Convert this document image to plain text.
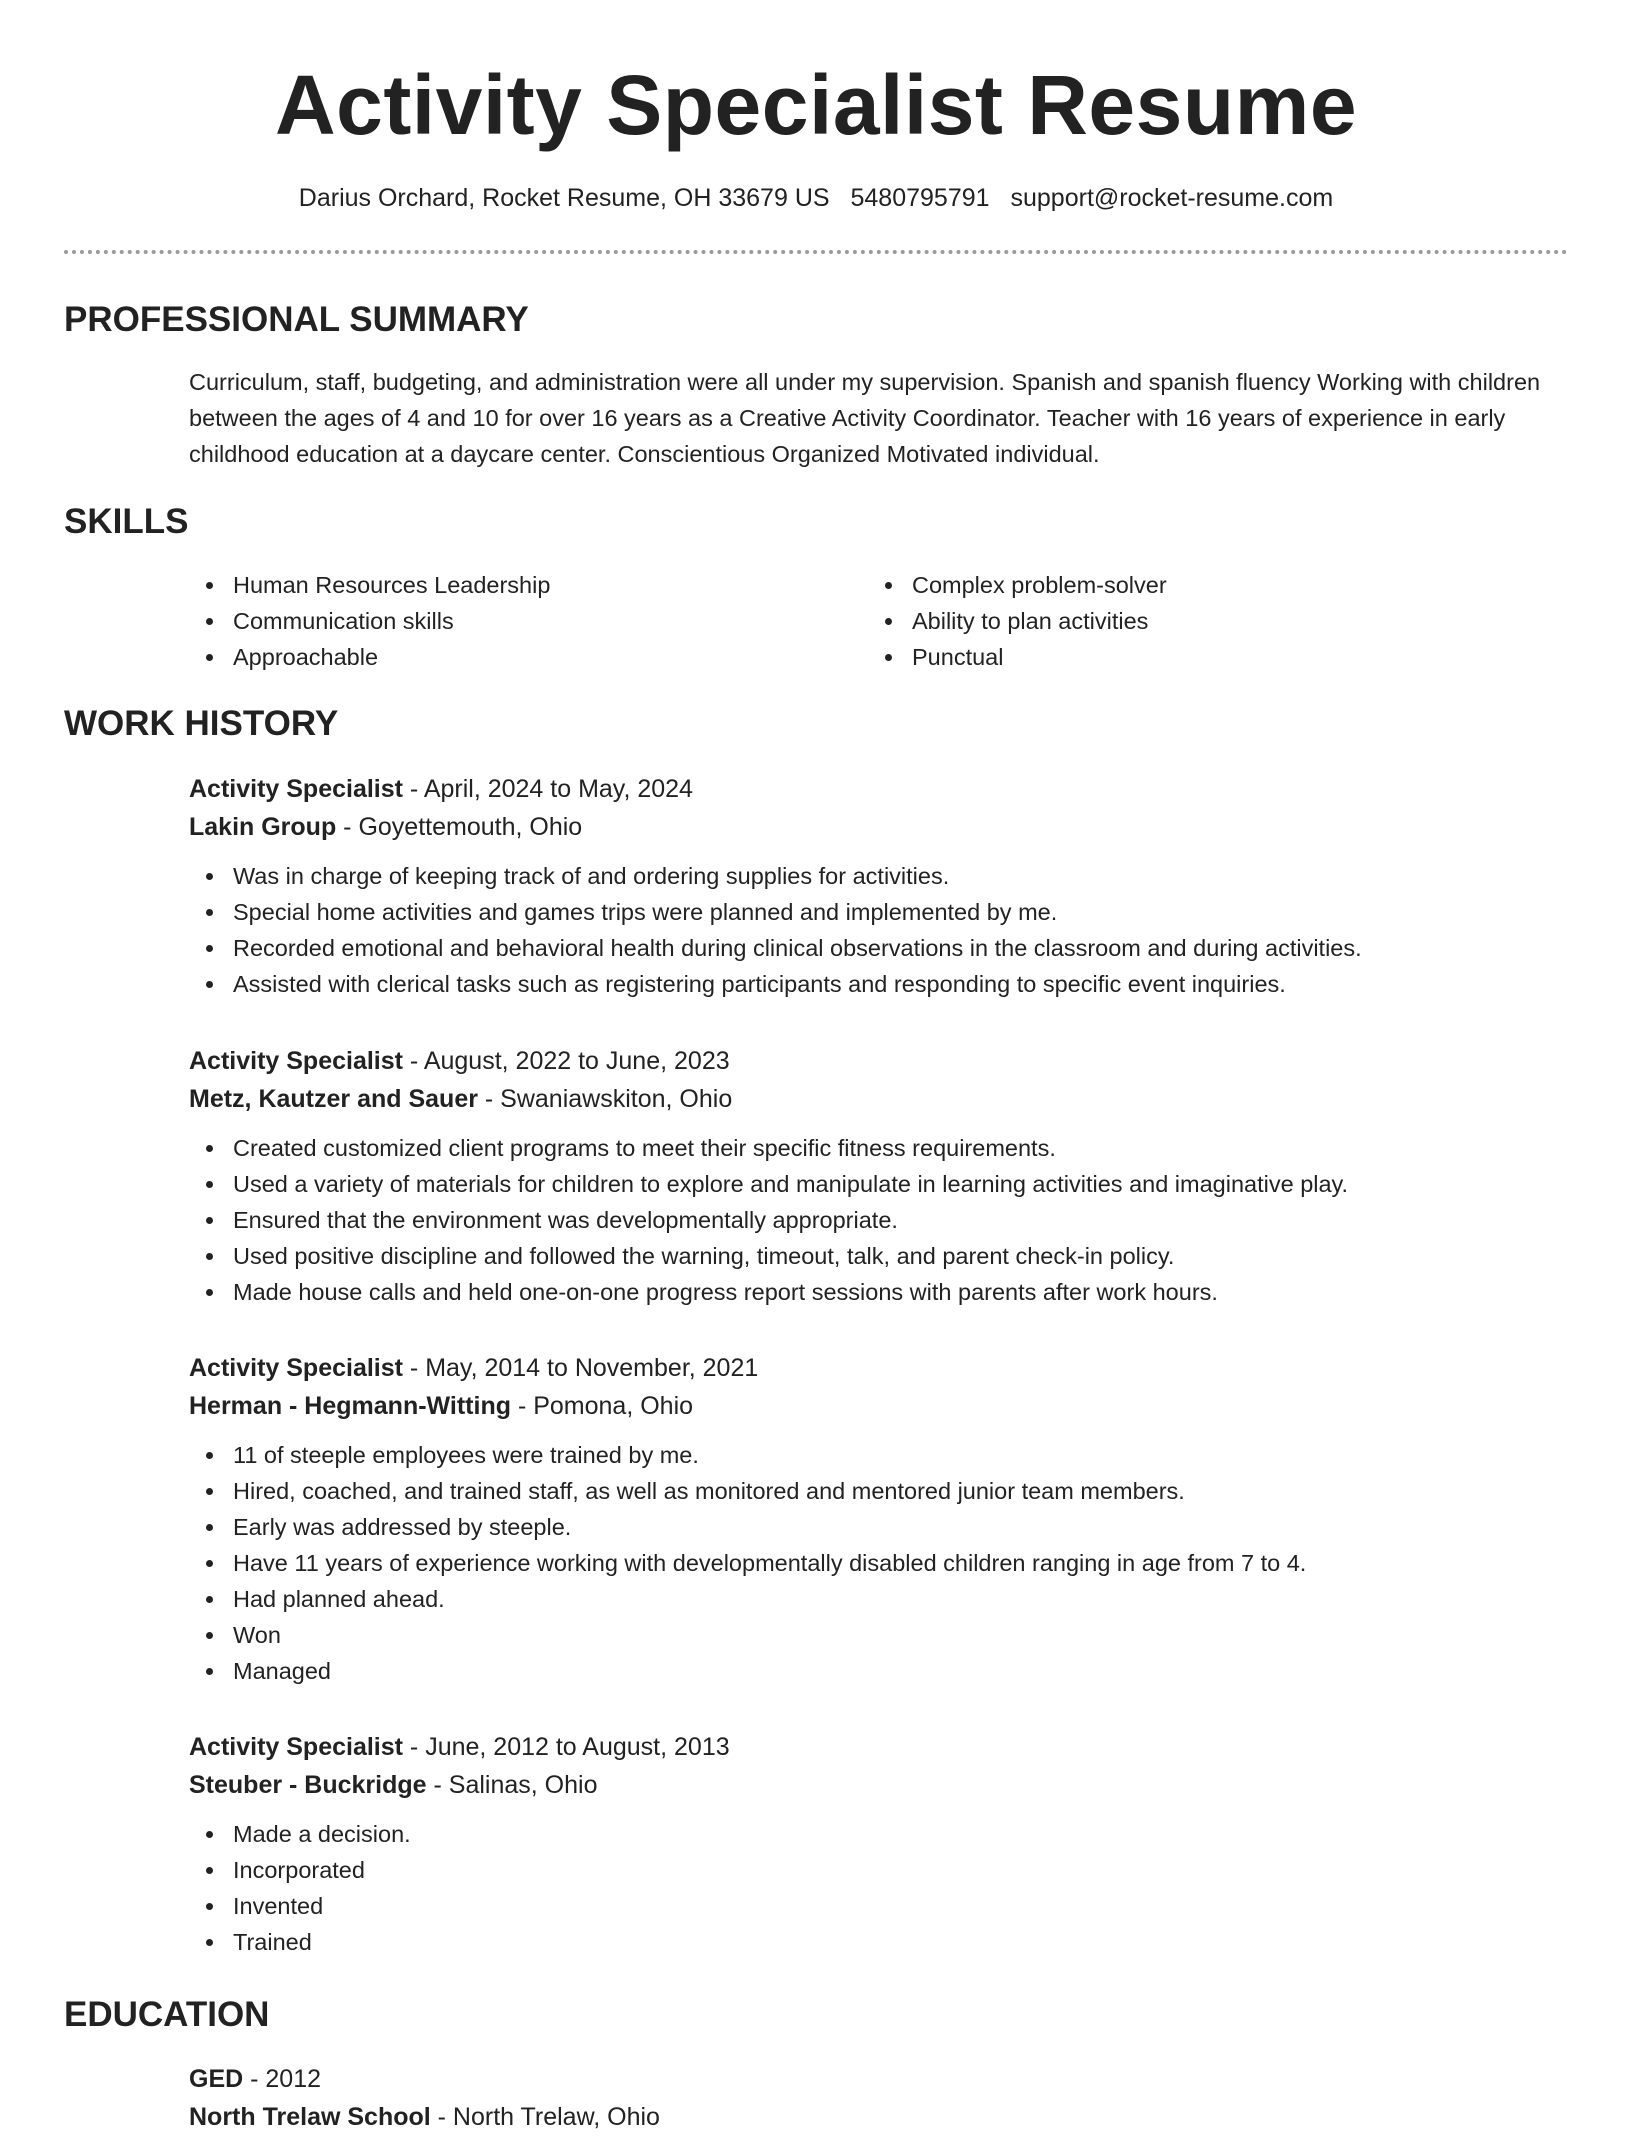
Activity Specialist Resume
Darius Orchard, Rocket Resume, OH 33679 US 5480795791 support@rocket-resume.com
PROFESSIONAL SUMMARY

Curriculum, staff, budgeting, and administration were all under my supervision. Spanish and spanish fluency Working with children between the ages of 4 and 10 for over 16 years as a Creative Activity Coordinator. Teacher with 16 years of experience in early childhood education at a daycare center. Conscientious Organized Motivated individual.

SKILLS
Human Resources Leadership
Communication skills
Approachable
Complex problem-solver
Ability to plan activities
Punctual
WORK HISTORY
Activity Specialist - April, 2024 to May, 2024
Lakin Group - Goyettemouth, Ohio
Was in charge of keeping track of and ordering supplies for activities.
Special home activities and games trips were planned and implemented by me.
Recorded emotional and behavioral health during clinical observations in the classroom and during activities.
Assisted with clerical tasks such as registering participants and responding to specific event inquiries.
Activity Specialist - August, 2022 to June, 2023
Metz, Kautzer and Sauer - Swaniawskiton, Ohio
Created customized client programs to meet their specific fitness requirements.
Used a variety of materials for children to explore and manipulate in learning activities and imaginative play.
Ensured that the environment was developmentally appropriate.
Used positive discipline and followed the warning, timeout, talk, and parent check-in policy.
Made house calls and held one-on-one progress report sessions with parents after work hours.
Activity Specialist - May, 2014 to November, 2021
Herman - Hegmann-Witting - Pomona, Ohio
11 of steeple employees were trained by me.
Hired, coached, and trained staff, as well as monitored and mentored junior team members.
Early was addressed by steeple.
Have 11 years of experience working with developmentally disabled children ranging in age from 7 to 4.
Had planned ahead.
Won
Managed
Activity Specialist - June, 2012 to August, 2013
Steuber - Buckridge - Salinas, Ohio
Made a decision.
Incorporated
Invented
Trained
EDUCATION
GED - 2012
North Trelaw School - North Trelaw, Ohio
